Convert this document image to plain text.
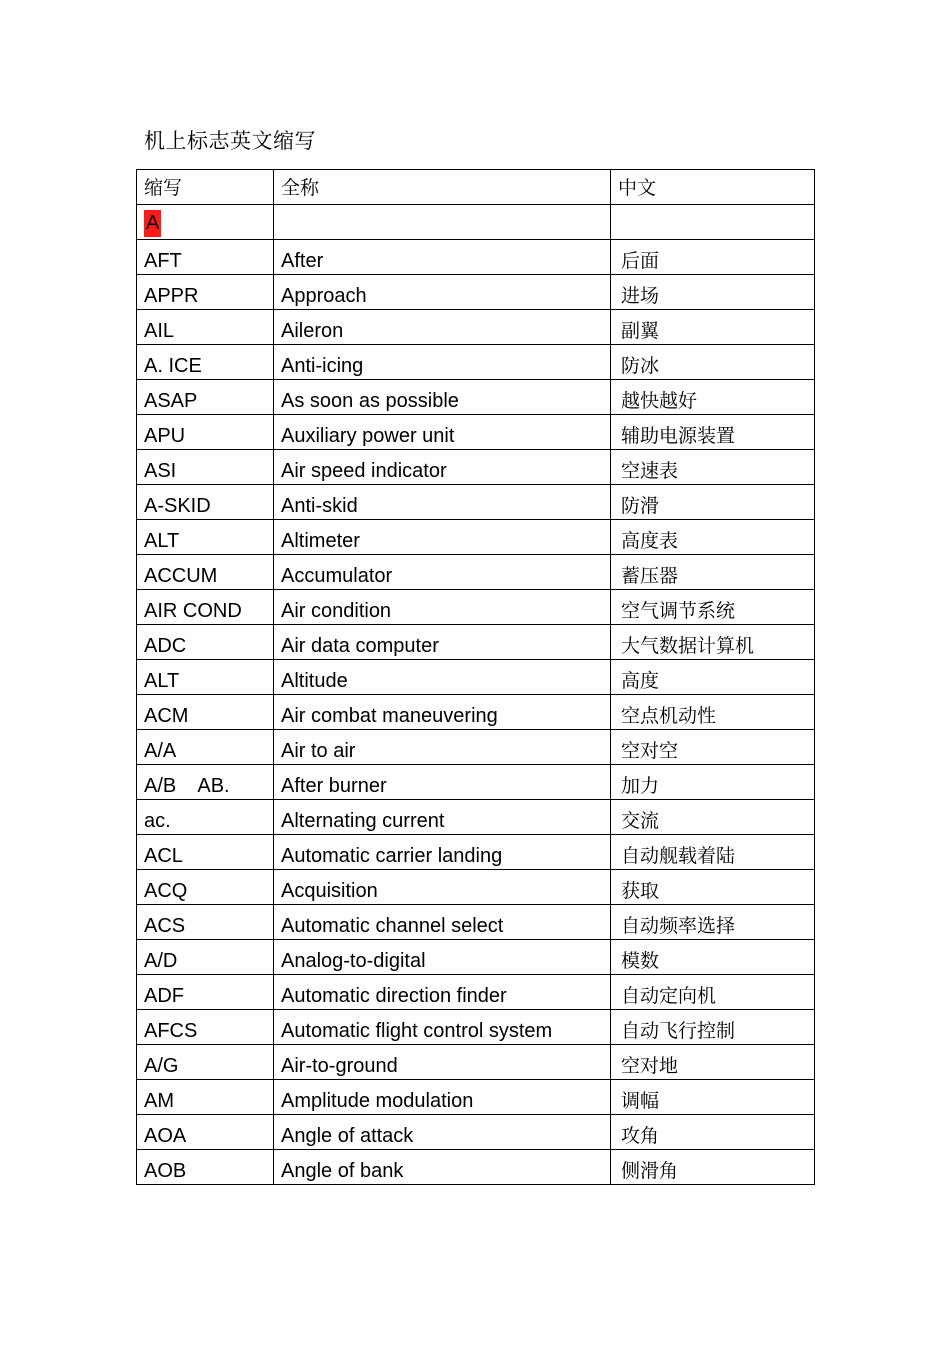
机上标志英文缩写
缩写	全称	中文
A		
AFT	After	后面
APPR	Approach	进场
AIL	Aileron	副翼
A. ICE	Anti-icing	防冰
ASAP	As soon as possible	越快越好
APU	Auxiliary power unit	辅助电源装置
ASI	Air speed indicator	空速表
A-SKID	Anti-skid	防滑
ALT	Altimeter	高度表
ACCUM	Accumulator	蓄压器
AIR COND	Air condition	空气调节系统
ADC	Air data computer	大气数据计算机
ALT	Altitude	高度
ACM	Air combat maneuvering	空点机动性
A/A	Air to air	空对空
A/B    AB.	After burner	加力
ac.	Alternating current	交流
ACL	Automatic carrier landing	自动舰载着陆
ACQ	Acquisition	获取
ACS	Automatic channel select	自动频率选择
A/D	Analog-to-digital	模数
ADF	Automatic direction finder	自动定向机
AFCS	Automatic flight control system	自动飞行控制
A/G	Air-to-ground	空对地
AM	Amplitude modulation	调幅
AOA	Angle of attack	攻角
AOB	Angle of bank	侧滑角
